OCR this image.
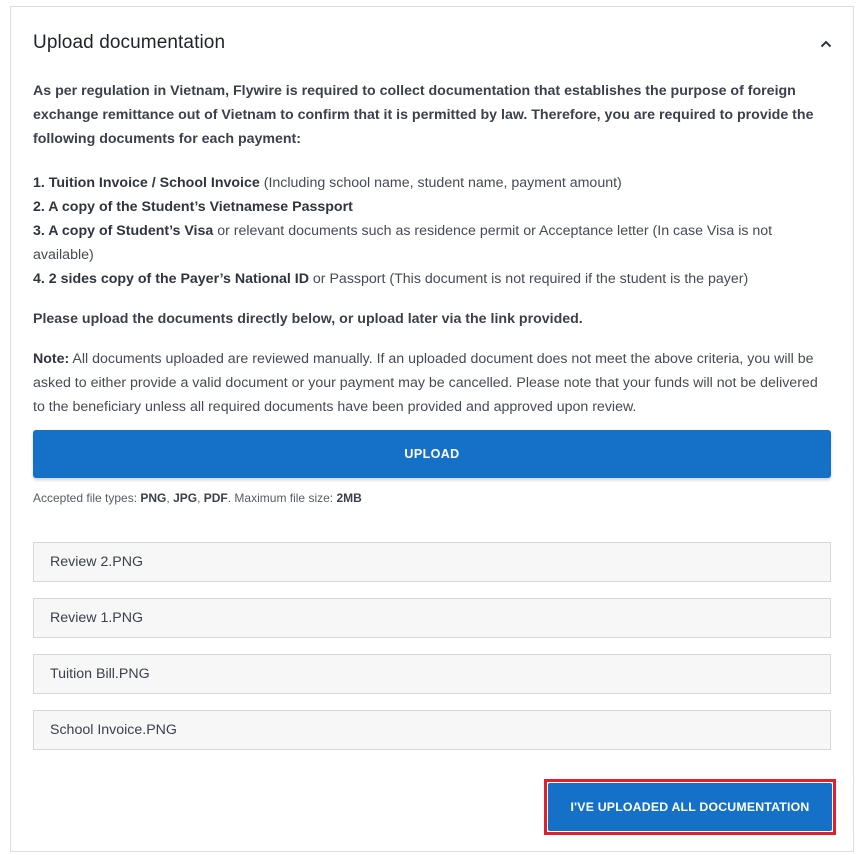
Upload documentation

As per regulation in Vietnam, Flywire is required to collect documentation that establishes the purpose of foreign exchange remittance out of Vietnam to confirm that it is permitted by law. Therefore, you are required to provide the following documents for each payment:

1. Tuition Invoice / School Invoice (Including school name, student name, payment amount)
2. A copy of the Student’s Vietnamese Passport
3. A copy of Student’s Visa or relevant documents such as residence permit or Acceptance letter (In case Visa is not available)
4. 2 sides copy of the Payer’s National ID or Passport (This document is not required if the student is the payer)
Please upload the documents directly below, or upload later via the link provided.
Note: All documents uploaded are reviewed manually. If an uploaded document does not meet the above criteria, you will be asked to either provide a valid document or your payment may be cancelled. Please note that your funds will not be delivered to the beneficiary unless all required documents have been provided and approved upon review.
UPLOAD
Accepted file types: PNG, JPG, PDF. Maximum file size: 2MB
Review 2.PNG
Review 1.PNG
Tuition Bill.PNG
School Invoice.PNG
I'VE UPLOADED ALL DOCUMENTATION
